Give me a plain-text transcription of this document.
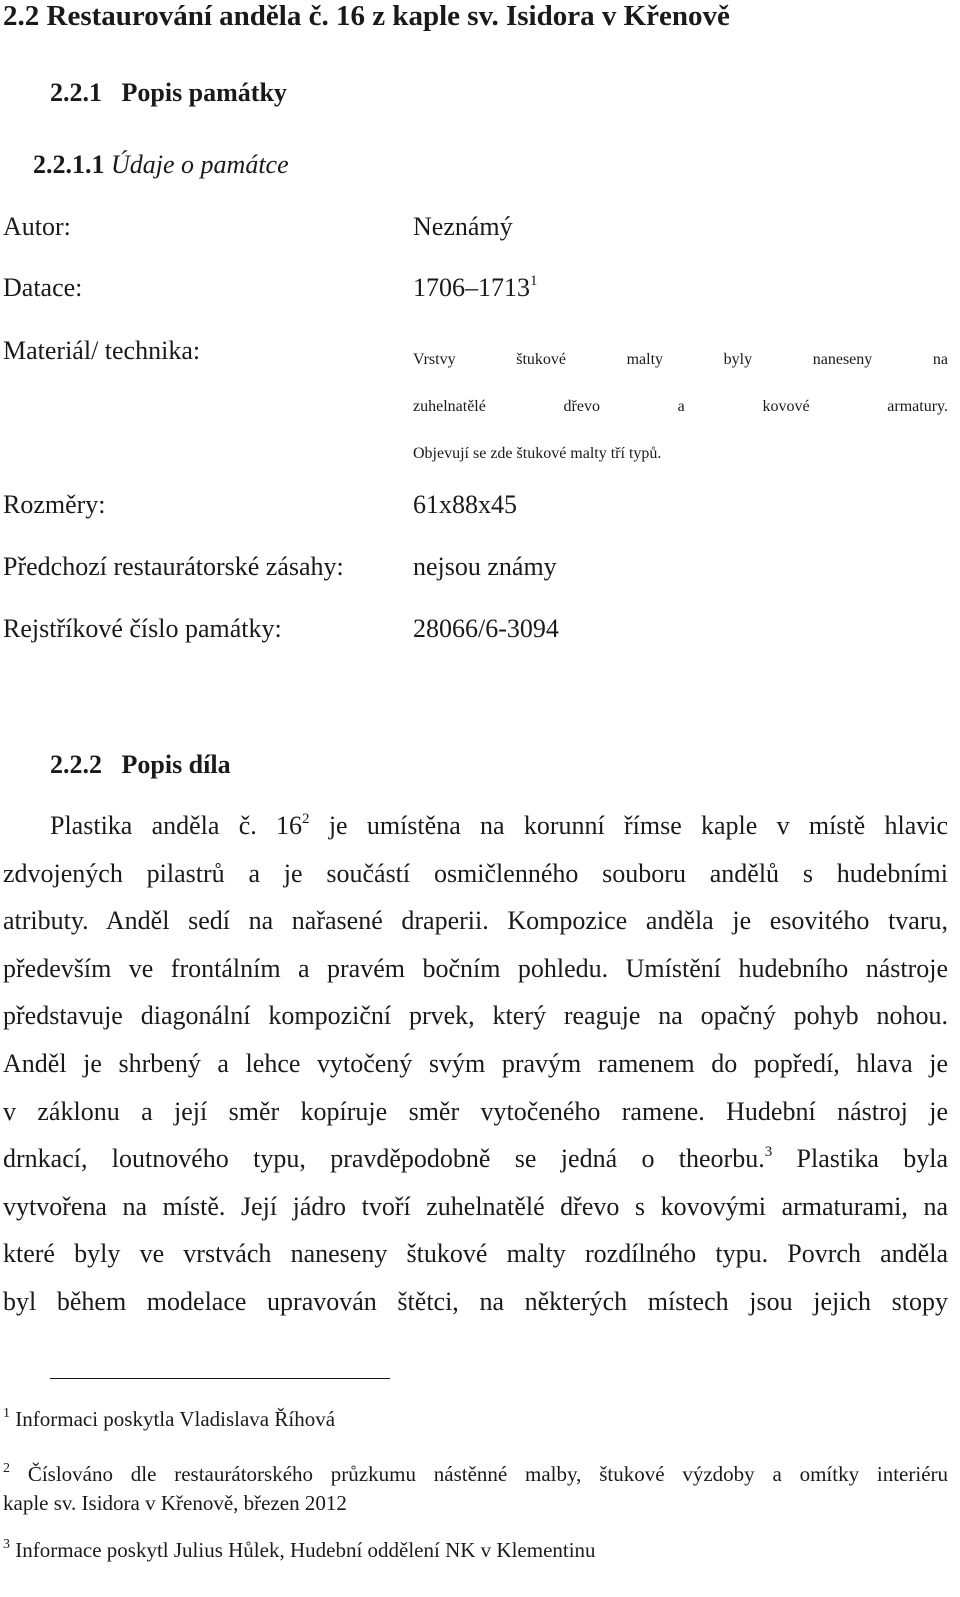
2.2 Restaurování anděla č. 16 z kaple sv. Isidora v Křenově
2.2.1 Popis památky
2.2.1.1 Údaje o památce
Autor:	Neznámý
Datace:	1706–1713$^1$
Materiál/ technika:	Vrstvy štukové malty byly naneseny na
zuhelnatělé dřevo a kovové armatury.
Objevují se zde štukové malty tří typů.
Rozměry:	61x88x45
Předchozí restaurátorské zásahy:	nejsou známy
Rejstříkové číslo památky:	28066/6-3094
2.2.2 Popis díla
Plastika anděla č. $16^2$ je umístěna na korunní římse kaple v místě hlavic
zdvojených pilastrů a je součástí osmičlenného souboru andělů s hudebními
atributy. Anděl sedí na nařasené draperii. Kompozice anděla je esovitého tvaru,
především ve frontálním a pravém bočním pohledu. Umístění hudebního nástroje
představuje diagonální kompoziční prvek, který reaguje na opačný pohyb nohou.
Anděl je shrbený a lehce vytočený svým pravým ramenem do popředí, hlava je
v záklonu a její směr kopíruje směr vytočeného ramene. Hudební nástroj je
drnkací, loutnového typu, pravděpodobně se jedná o theorbu.$^3$ Plastika byla
vytvořena na místě. Její jádro tvoří zuhelnatělé dřevo s kovovými armaturami, na
které byly ve vrstvách naneseny štukové malty rozdílného typu. Povrch anděla
byl během modelace upravován štětci, na některých místech jsou jejich stopy
$^1$ Informaci poskytla Vladislava Říhová
$^2$ Číslováno dle restaurátorského průzkumu nástěnné malby, štukové výzdoby a omítky interiéru
kaple sv. Isidora v Křenově, březen 2012
$^3$ Informace poskytl Julius Hůlek, Hudební oddělení NK v Klementinu
